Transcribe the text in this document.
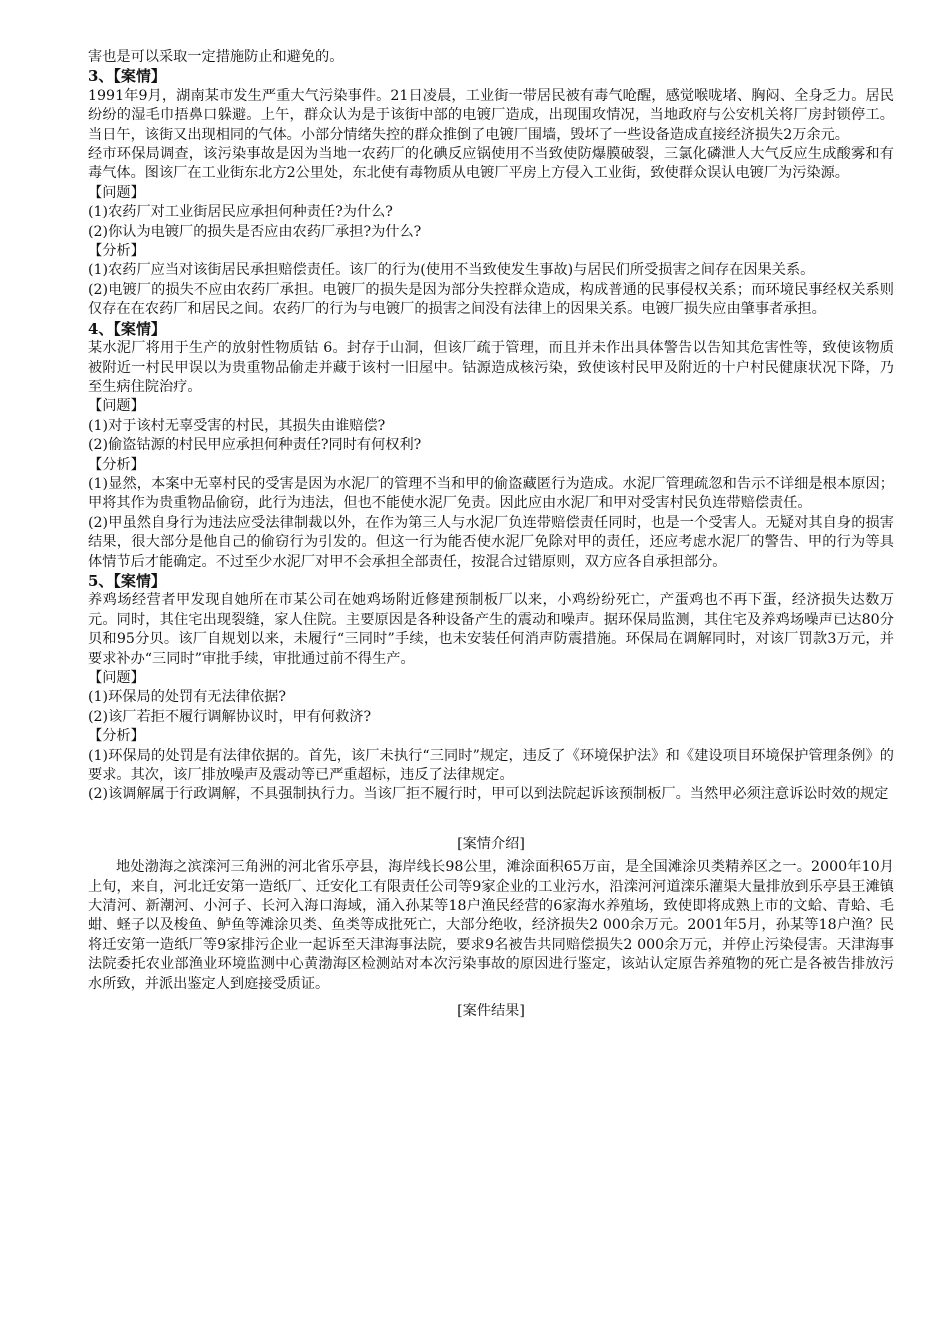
害也是可以采取一定措施防止和避免的。

3、【案情】

1991年9月，湖南某市发生严重大气污染事件。21日凌晨，工业街一带居民被有毒气呛醒，感觉喉咙堵、胸闷、全身乏力。居民纷纷的湿毛巾捂鼻口躲避。上午，群众认为是于该街中部的电镀厂造成，出现围攻情况，当地政府与公安机关将厂房封锁停工。当日午，该街又出现相同的气体。小部分情绪失控的群众推倒了电镀厂围墙，毁坏了一些设备造成直接经济损失2万余元。

经市环保局调查，该污染事故是因为当地一农药厂的化碘反应锅使用不当致使防爆膜破裂，三氯化磷泄人大气反应生成酸雾和有毒气体。图该厂在工业街东北方2公里处，东北使有毒物质从电镀厂平房上方侵入工业街，致使群众误认电镀厂为污染源。

【问题】

(1)农药厂对工业街居民应承担何种责任?为什么?

(2)你认为电镀厂的损失是否应由农药厂承担?为什么?

【分析】

(1)农药厂应当对该街居民承担赔偿责任。该厂的行为(使用不当致使发生事故)与居民们所受损害之间存在因果关系。

(2)电镀厂的损失不应由农药厂承担。电镀厂的损失是因为部分失控群众造成，构成普通的民事侵权关系；而环境民事经权关系则仅存在在农药厂和居民之间。农药厂的行为与电镀厂的损害之间没有法律上的因果关系。电镀厂损失应由肇事者承担。

4、【案情】

某水泥厂将用于生产的放射性物质钴 6。封存于山洞，但该厂疏于管理，而且并未作出具体警告以告知其危害性等，致使该物质被附近一村民甲误以为贵重物品偷走并藏于该村一旧屋中。钴源造成核污染，致使该村民甲及附近的十户村民健康状况下降，乃至生病住院治疗。

【问题】

(1)对于该村无辜受害的村民，其损失由谁赔偿?

(2)偷盗钴源的村民甲应承担何种责任?同时有何权利?

【分析】

(1)显然，本案中无辜村民的受害是因为水泥厂的管理不当和甲的偷盗藏匿行为造成。水泥厂管理疏忽和告示不详细是根本原因；甲将其作为贵重物品偷窃，此行为违法，但也不能使水泥厂免责。因此应由水泥厂和甲对受害村民负连带赔偿责任。

(2)甲虽然自身行为违法应受法律制裁以外，在作为第三人与水泥厂负连带赔偿责任同时，也是一个受害人。无疑对其自身的损害结果，很大部分是他自己的偷窃行为引发的。但这一行为能否使水泥厂免除对甲的责任，还应考虑水泥厂的警告、甲的行为等具体情节后才能确定。不过至少水泥厂对甲不会承担全部责任，按混合过错原则，双方应各自承担部分。

5、【案情】

养鸡场经营者甲发现自她所在市某公司在她鸡场附近修建预制板厂以来，小鸡纷纷死亡，产蛋鸡也不再下蛋，经济损失达数万元。同时，其住宅出现裂缝，家人住院。主要原因是各种设备产生的震动和噪声。据环保局监测，其住宅及养鸡场噪声已达80分贝和95分贝。该厂自规划以来，未履行“三同时”手续，也未安装任何消声防震措施。环保局在调解同时，对该厂罚款3万元，并要求补办“三同时”审批手续，审批通过前不得生产。

【问题】

(1)环保局的处罚有无法律依据?

(2)该厂若拒不履行调解协议时，甲有何救济?

【分析】

(1)环保局的处罚是有法律依据的。首先，该厂未执行“三同时”规定，违反了《环境保护法》和《建设项目环境保护管理条例》的要求。其次，该厂排放噪声及震动等已严重超标，违反了法律规定。

(2)该调解属于行政调解，不具强制执行力。当该厂拒不履行时，甲可以到法院起诉该预制板厂。当然甲必须注意诉讼时效的规定

[案情介绍]

地处渤海之滨滦河三角洲的河北省乐亭县，海岸线长98公里，滩涂面积65万亩，是全国滩涂贝类精养区之一。2000年10月上旬，来自，河北迁安第一造纸厂、迁安化工有限责任公司等9家企业的工业污水，沿滦河河道滦乐灌渠大量排放到乐亭县王滩镇大清河、新潮河、小河子、长河入海口海域，涌入孙某等18户渔民经营的6家海水养殖场，致使即将成熟上市的文蛤、青蛤、毛蚶、蛏子以及梭鱼、鲈鱼等滩涂贝类、鱼类等成批死亡，大部分绝收，经济损失2 000余万元。2001年5月，孙某等18户渔？民将迁安第一造纸厂等9家排污企业一起诉至天津海事法院，要求9名被告共同赔偿损失2 000余万元，并停止污染侵害。天津海事法院委托农业部渔业环境监测中心黄渤海区检测站对本次污染事故的原因进行鉴定，该站认定原告养殖物的死亡是各被告排放污水所致，并派出鉴定人到庭接受质证。

[案件结果]
